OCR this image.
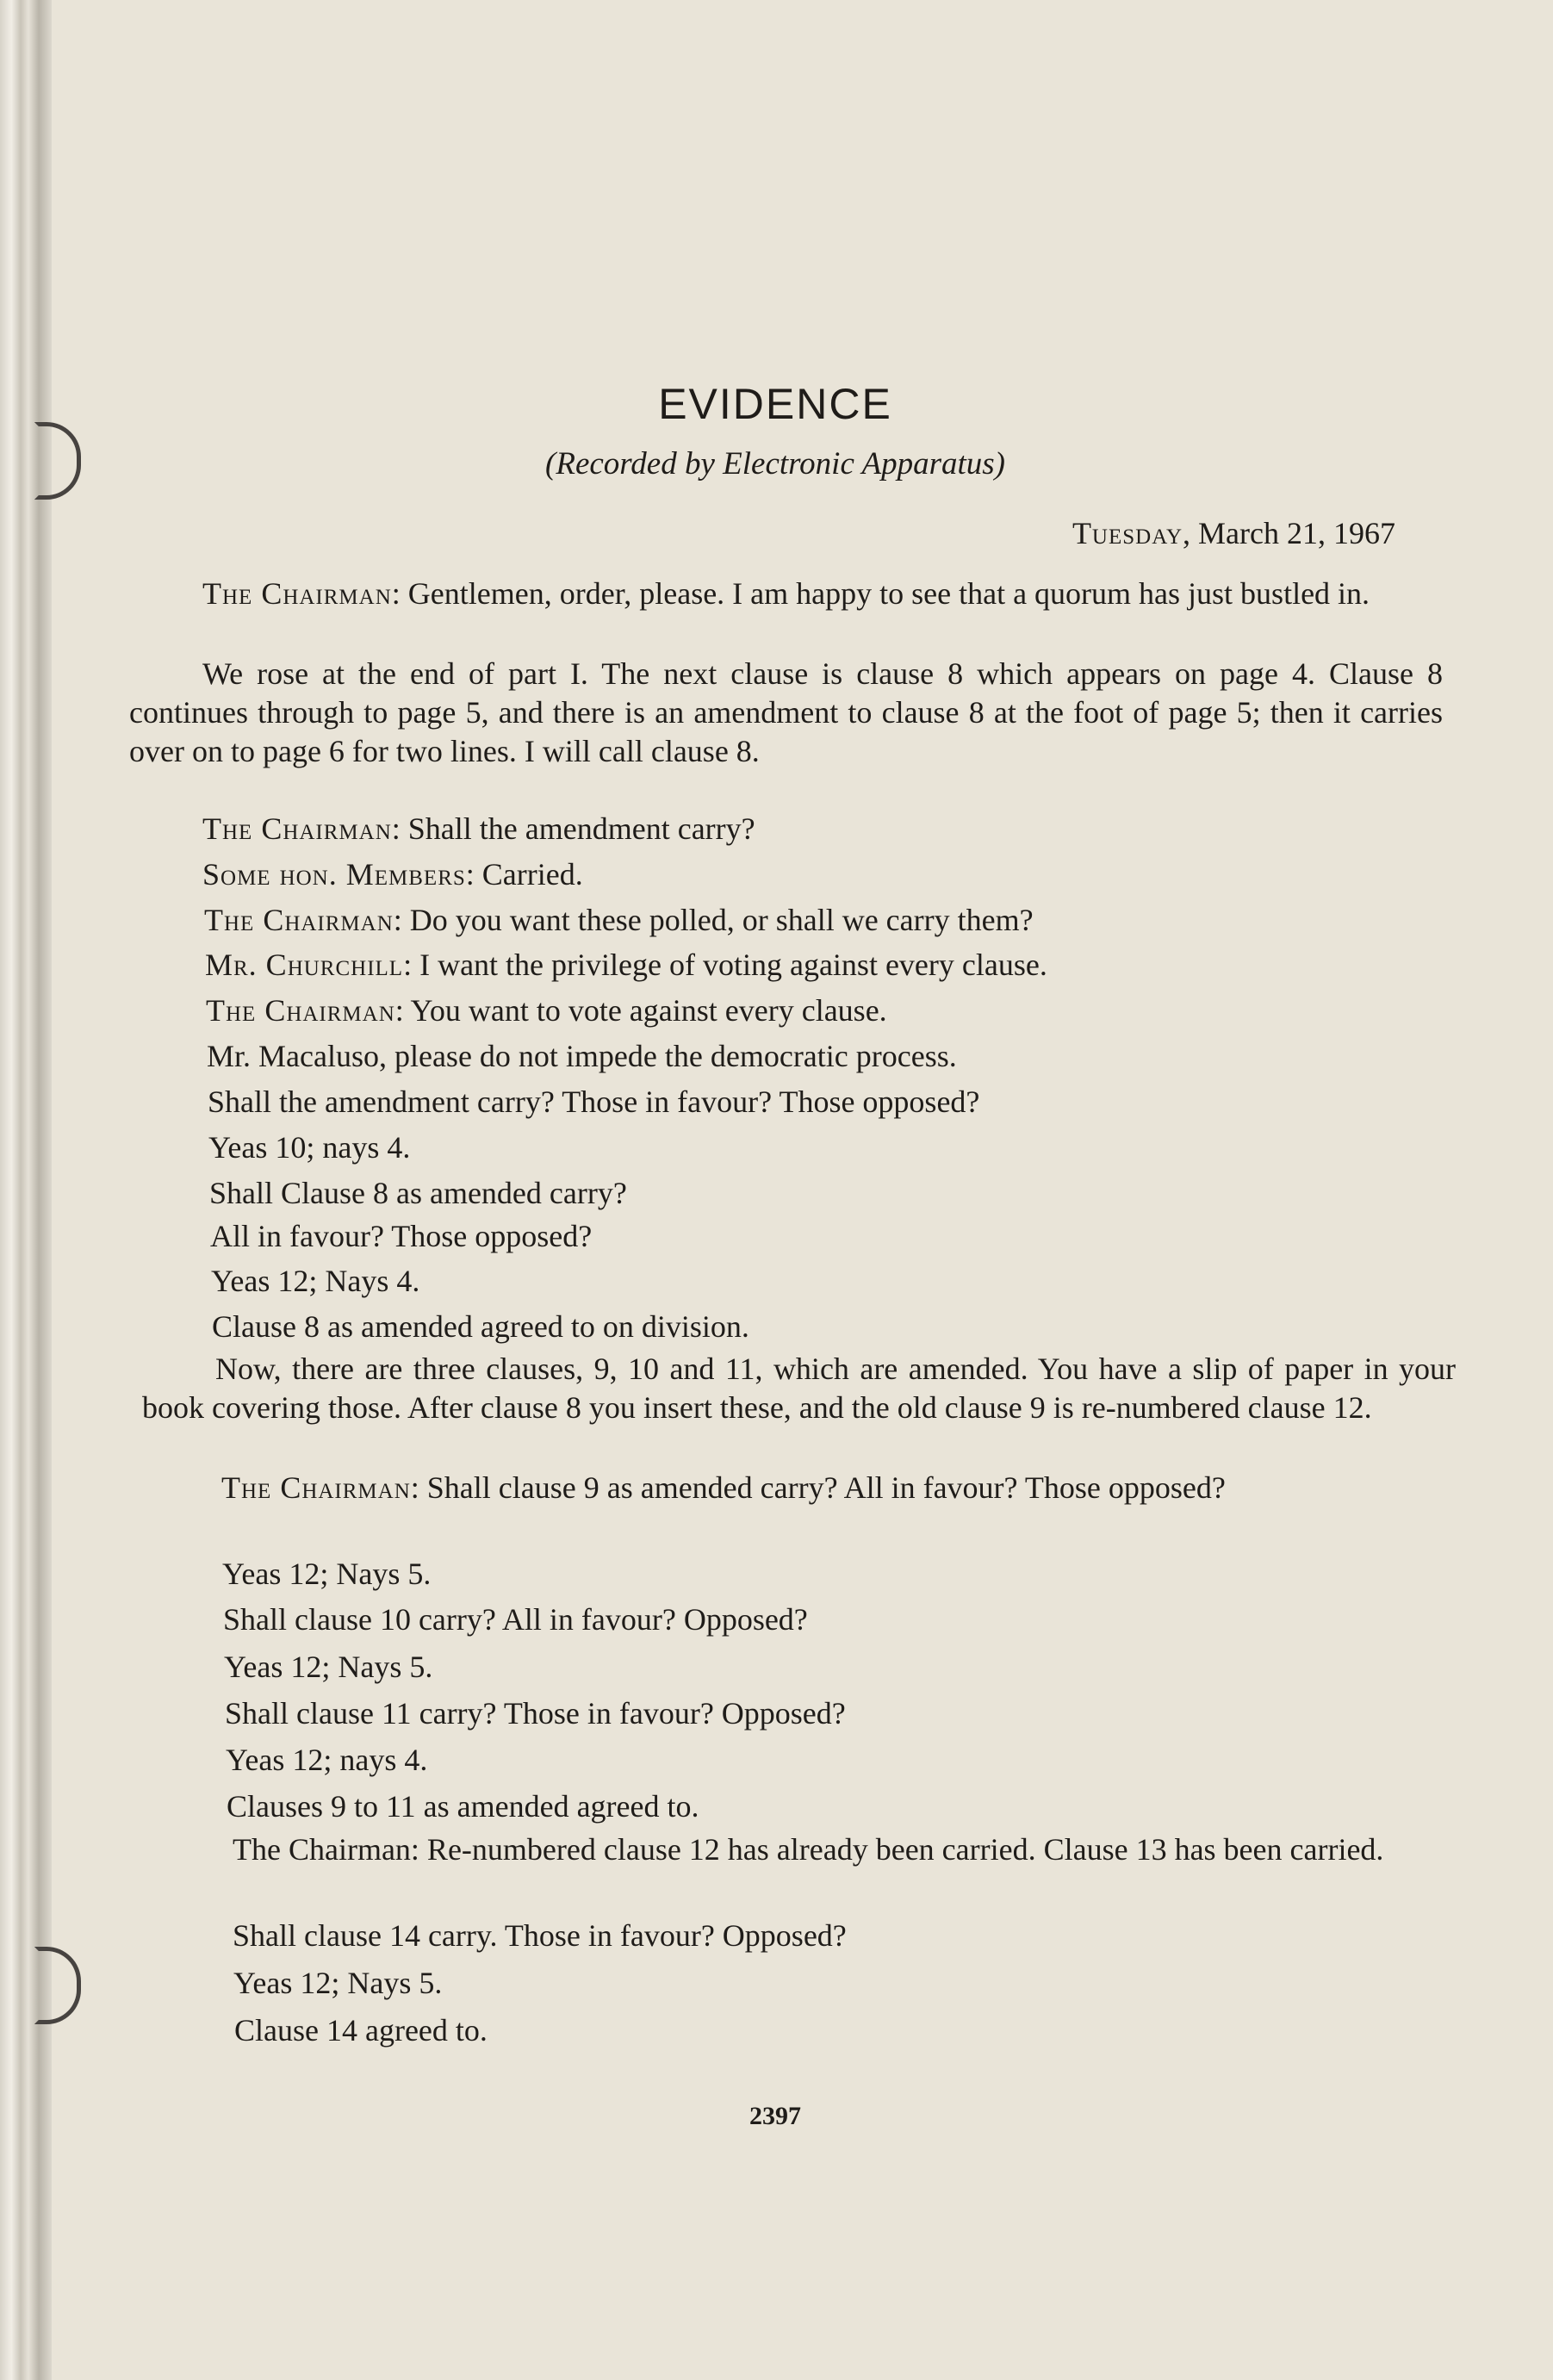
EVIDENCE
(Recorded by Electronic Apparatus)
Tuesday, March 21, 1967
The Chairman: Gentlemen, order, please. I am happy to see that a quorum has just bustled in.
We rose at the end of part I. The next clause is clause 8 which appears on page 4. Clause 8 continues through to page 5, and there is an amendment to clause 8 at the foot of page 5; then it carries over on to page 6 for two lines. I will call clause 8.
The Chairman: Shall the amendment carry?
Some hon. Members: Carried.
The Chairman: Do you want these polled, or shall we carry them?
Mr. Churchill: I want the privilege of voting against every clause.
The Chairman: You want to vote against every clause.
Mr. Macaluso, please do not impede the democratic process.
Shall the amendment carry? Those in favour? Those opposed?
Yeas 10; nays 4.
Shall Clause 8 as amended carry?
All in favour? Those opposed?
Yeas 12; Nays 4.
Clause 8 as amended agreed to on division.
Now, there are three clauses, 9, 10 and 11, which are amended. You have a slip of paper in your book covering those. After clause 8 you insert these, and the old clause 9 is re-numbered clause 12.
The Chairman: Shall clause 9 as amended carry? All in favour? Those opposed?
Yeas 12; Nays 5.
Shall clause 10 carry? All in favour? Opposed?
Yeas 12; Nays 5.
Shall clause 11 carry? Those in favour? Opposed?
Yeas 12; nays 4.
Clauses 9 to 11 as amended agreed to.
The Chairman: Re-numbered clause 12 has already been carried. Clause 13 has been carried.
Shall clause 14 carry. Those in favour? Opposed?
Yeas 12; Nays 5.
Clause 14 agreed to.
2397
